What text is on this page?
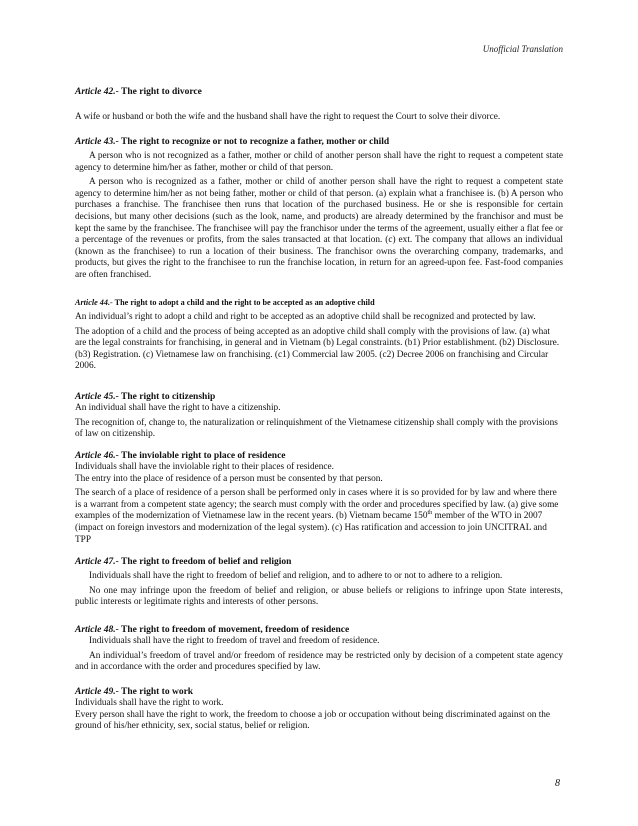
Unofficial Translation
Article 42.- The right to divorce

A wife or husband or both the wife and the husband shall have the right to request the Court to solve their divorce.

Article 43.- The right to recognize or not to recognize a father, mother or child

A person who is not recognized as a father, mother or child of another person shall have the right to request a competent state agency to determine him/her as father, mother or child of that person.

A person who is recognized as a father, mother or child of another person shall have the right to request a competent state agency to determine him/her as not being father, mother or child of that person. (a) explain what a franchisee is. (b) A person who purchases a franchise. The franchisee then runs that location of the purchased business. He or she is responsible for certain decisions, but many other decisions (such as the look, name, and products) are already determined by the franchisor and must be kept the same by the franchisee. The franchisee will pay the franchisor under the terms of the agreement, usually either a flat fee or a percentage of the revenues or profits, from the sales transacted at that location. (c) ext. The company that allows an individual (known as the franchisee) to run a location of their business. The franchisor owns the overarching company, trademarks, and products, but gives the right to the franchisee to run the franchise location, in return for an agreed-upon fee. Fast-food companies are often franchised.

Article 44.- The right to adopt a child and the right to be accepted as an adoptive child

An individual’s right to adopt a child and right to be accepted as an adoptive child shall be recognized and protected by law.

The adoption of a child and the process of being accepted as an adoptive child shall comply with the provisions of law. (a) what are the legal constraints for franchising, in general and in Vietnam (b) Legal constraints. (b1) Prior establishment. (b2) Disclosure. (b3) Registration. (c) Vietnamese law on franchising. (c1) Commercial law 2005. (c2) Decree 2006 on franchising and Circular 2006.

Article 45.- The right to citizenship

An individual shall have the right to have a citizenship.

The recognition of, change to, the naturalization or relinquishment of the Vietnamese citizenship shall comply with the provisions of law on citizenship.

Article 46.- The inviolable right to place of residence

Individuals shall have the inviolable right to their places of residence.

The entry into the place of residence of a person must be consented by that person.

The search of a place of residence of a person shall be performed only in cases where it is so provided for by law and where there is a warrant from a competent state agency; the search must comply with the order and procedures specified by law. (a) give some examples of the modernization of Vietnamese law in the recent years. (b) Vietnam became 150th member of the WTO in 2007 (impact on foreign investors and modernization of the legal system). (c) Has ratification and accession to join UNCITRAL and TPP

Article 47.- The right to freedom of belief and religion

Individuals shall have the right to freedom of belief and religion, and to adhere to or not to adhere to a religion.

No one may infringe upon the freedom of belief and religion, or abuse beliefs or religions to infringe upon State interests, public interests or legitimate rights and interests of other persons.

Article 48.- The right to freedom of movement, freedom of residence

Individuals shall have the right to freedom of travel and freedom of residence.

An individual’s freedom of travel and/or freedom of residence may be restricted only by decision of a competent state agency and in accordance with the order and procedures specified by law.

Article 49.- The right to work

Individuals shall have the right to work.

Every person shall have the right to work, the freedom to choose a job or occupation without being discriminated against on the ground of his/her ethnicity, sex, social status, belief or religion.

8
